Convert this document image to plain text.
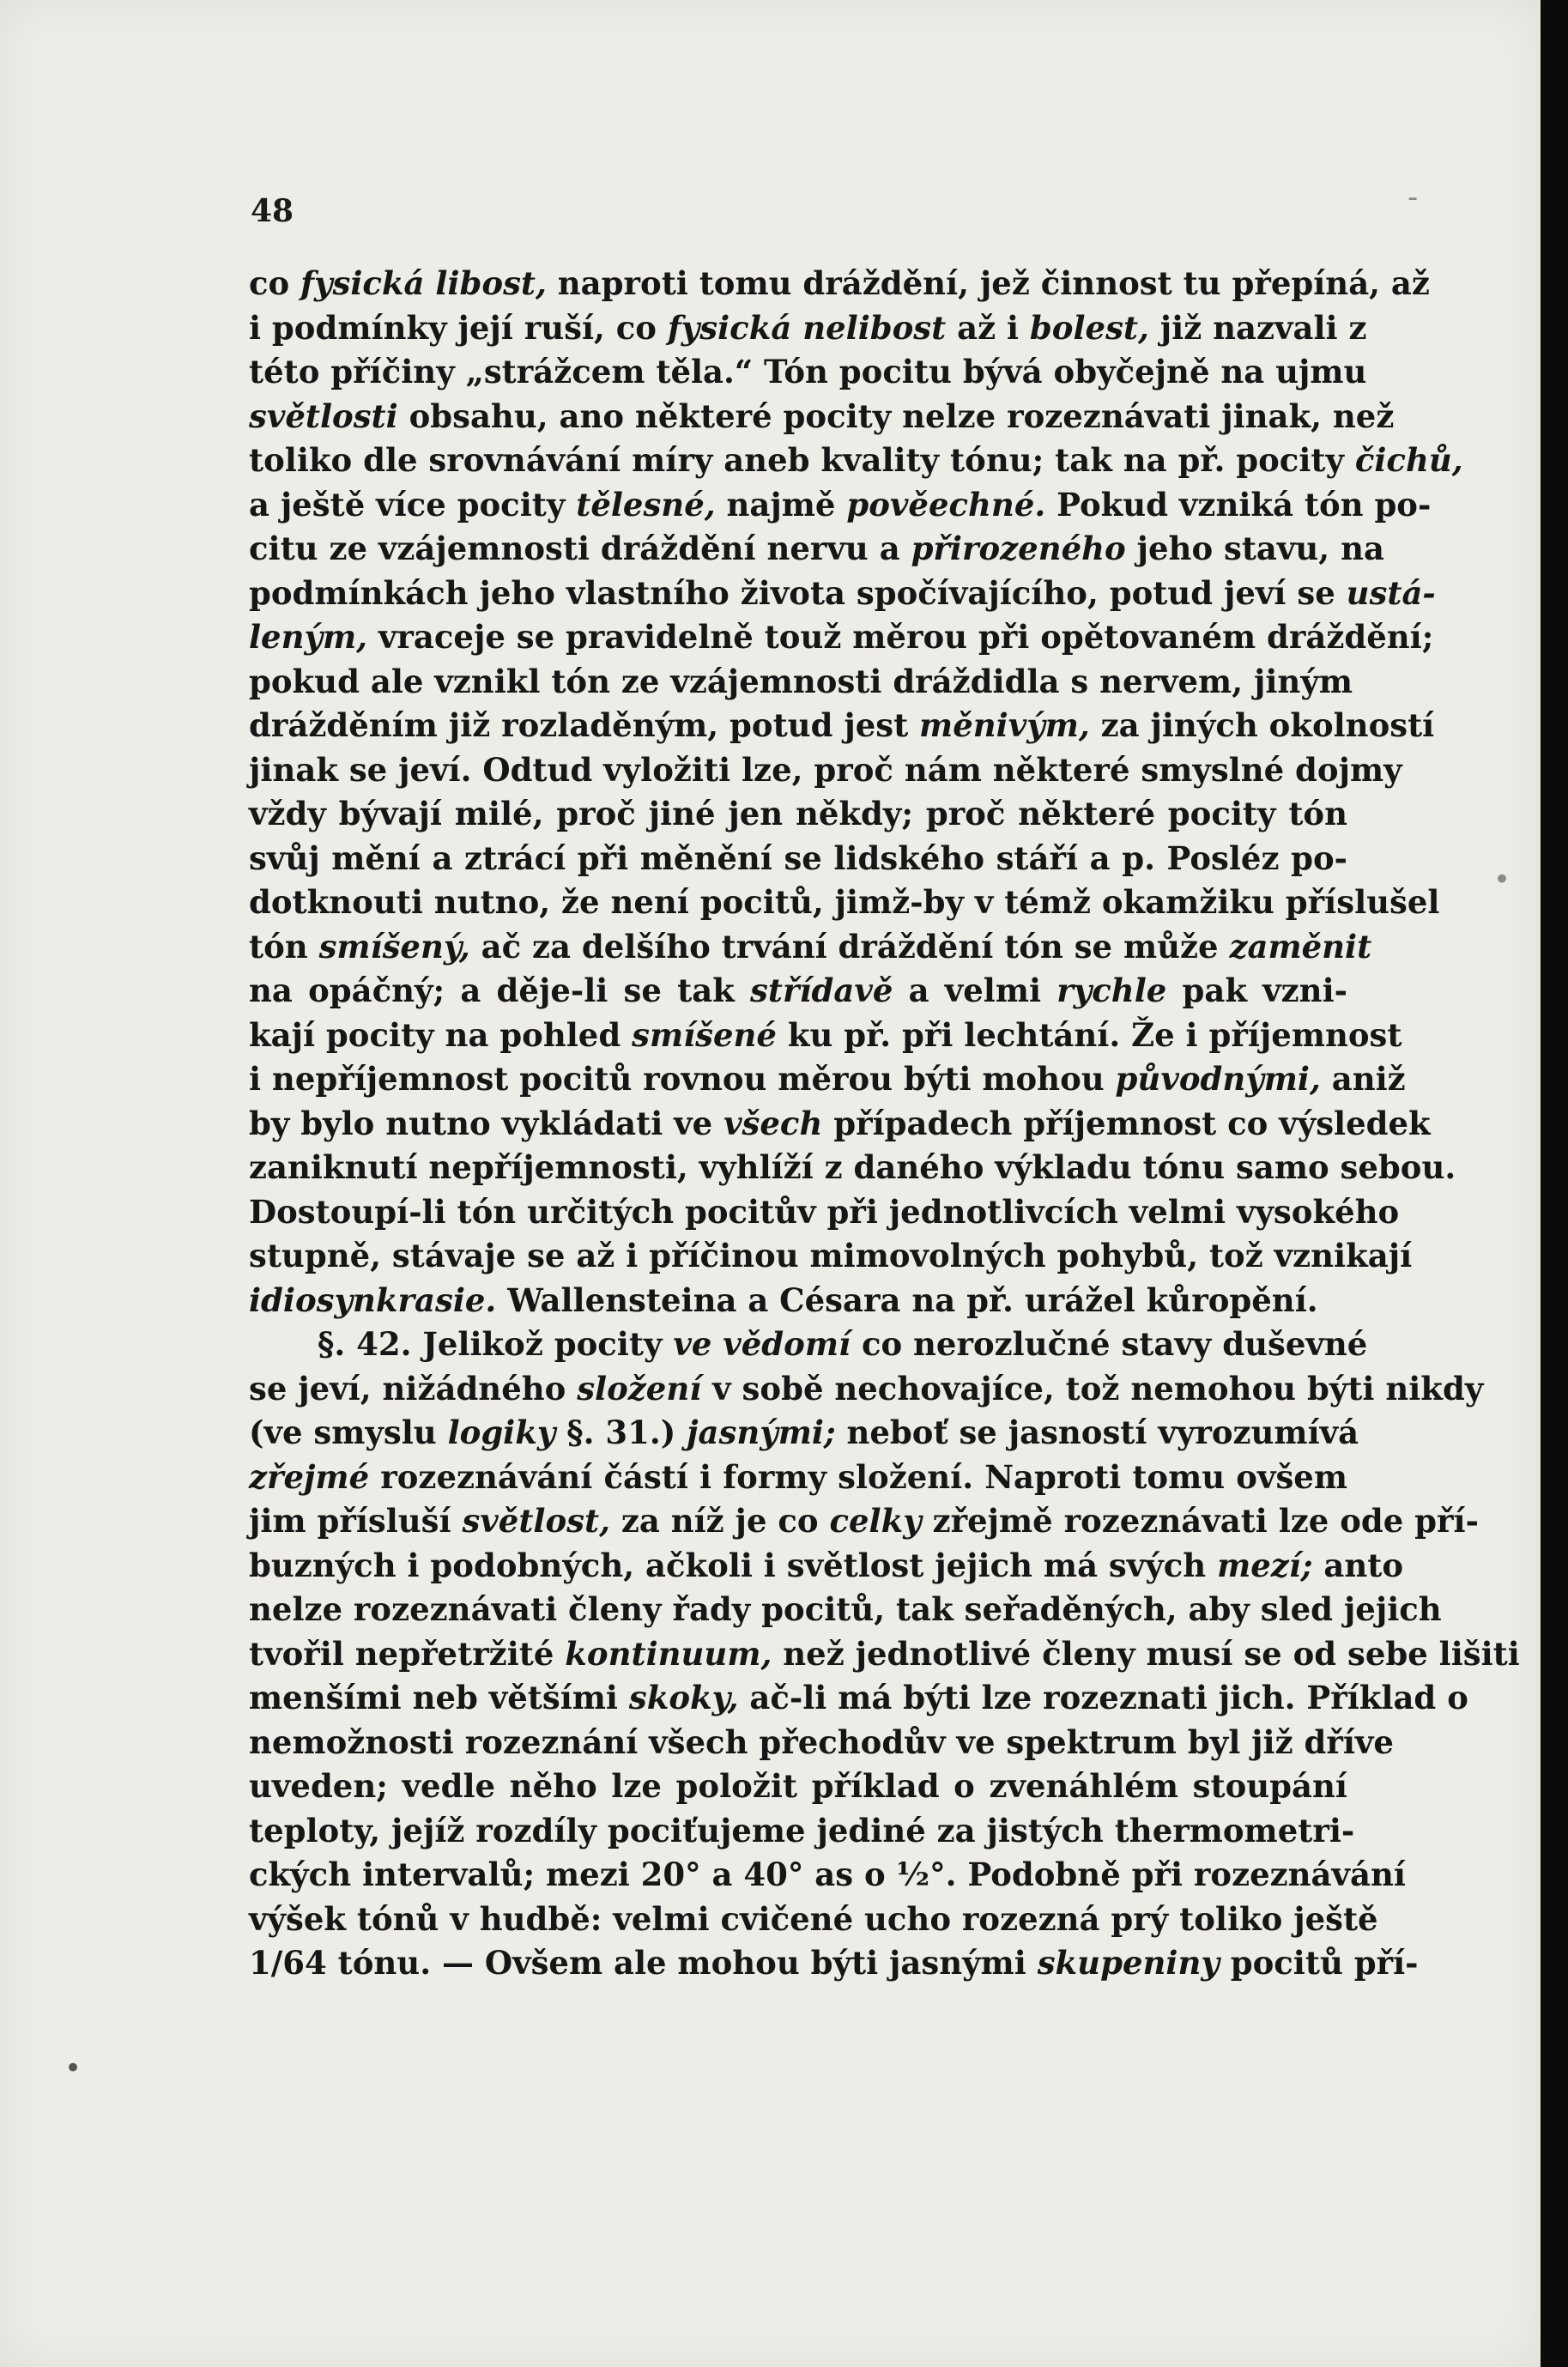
48
co fysická libost, naproti tomu dráždění, jež činnost tu přepíná, až
i podmínky její ruší, co fysická nelibost až i bolest, již nazvali z
této příčiny „strážcem těla.“ Tón pocitu bývá obyčejně na ujmu
světlosti obsahu, ano některé pocity nelze rozeznávati jinak, než
toliko dle srovnávání míry aneb kvality tónu; tak na př. pocity čichů,
a ještě více pocity tělesné, najmě pověechné. Pokud vzniká tón po-
citu ze vzájemnosti dráždění nervu a přirozeného jeho stavu, na
podmínkách jeho vlastního života spočívajícího, potud jeví se ustá-
leným, vraceje se pravidelně touž měrou při opětovaném dráždění;
pokud ale vznikl tón ze vzájemnosti dráždidla s nervem, jiným
drážděním již rozladěným, potud jest měnivým, za jiných okolností
jinak se jeví. Odtud vyložiti lze, proč nám některé smyslné dojmy
vždy bývají milé, proč jiné jen někdy; proč některé pocity tón
svůj mění a ztrácí při měnění se lidského stáří a p. Posléz po-
dotknouti nutno, že není pocitů, jimž-by v témž okamžiku příslušel
tón smíšený, ač za delšího trvání dráždění tón se může zaměnit
na opáčný; a děje-li se tak střídavě a velmi rychle pak vzni-
kají pocity na pohled smíšené ku př. při lechtání. Že i příjemnost
i nepříjemnost pocitů rovnou měrou býti mohou původnými, aniž
by bylo nutno vykládati ve všech případech příjemnost co výsledek
zaniknutí nepříjemnosti, vyhlíží z daného výkladu tónu samo sebou.
Dostoupí-li tón určitých pocitův při jednotlivcích velmi vysokého
stupně, stávaje se až i příčinou mimovolných pohybů, tož vznikají
idiosynkrasie. Wallensteina a Césara na př. urážel kůropění.
§. 42. Jelikož pocity ve vědomí co nerozlučné stavy duševné
se jeví, nižádného složení v sobě nechovajíce, tož nemohou býti nikdy
(ve smyslu logiky §. 31.) jasnými; neboť se jasností vyrozumívá
zřejmé rozeznávání částí i formy složení. Naproti tomu ovšem
jim přísluší světlost, za níž je co celky zřejmě rozeznávati lze ode pří-
buzných i podobných, ačkoli i světlost jejich má svých mezí; anto
nelze rozeznávati členy řady pocitů, tak seřaděných, aby sled jejich
tvořil nepřetržité kontinuum, než jednotlivé členy musí se od sebe lišiti
menšími neb většími skoky, ač-li má býti lze rozeznati jich. Příklad o
nemožnosti rozeznání všech přechodův ve spektrum byl již dříve
uveden; vedle něho lze položit příklad o zvenáhlém stoupání
teploty, jejíž rozdíly pociťujeme jediné za jistých thermometri-
ckých intervalů; mezi 20° a 40° as o ½°. Podobně při rozeznávání
výšek tónů v hudbě: velmi cvičené ucho rozezná prý toliko ještě
1/64 tónu. — Ovšem ale mohou býti jasnými skupeniny pocitů pří-
-
•
•
